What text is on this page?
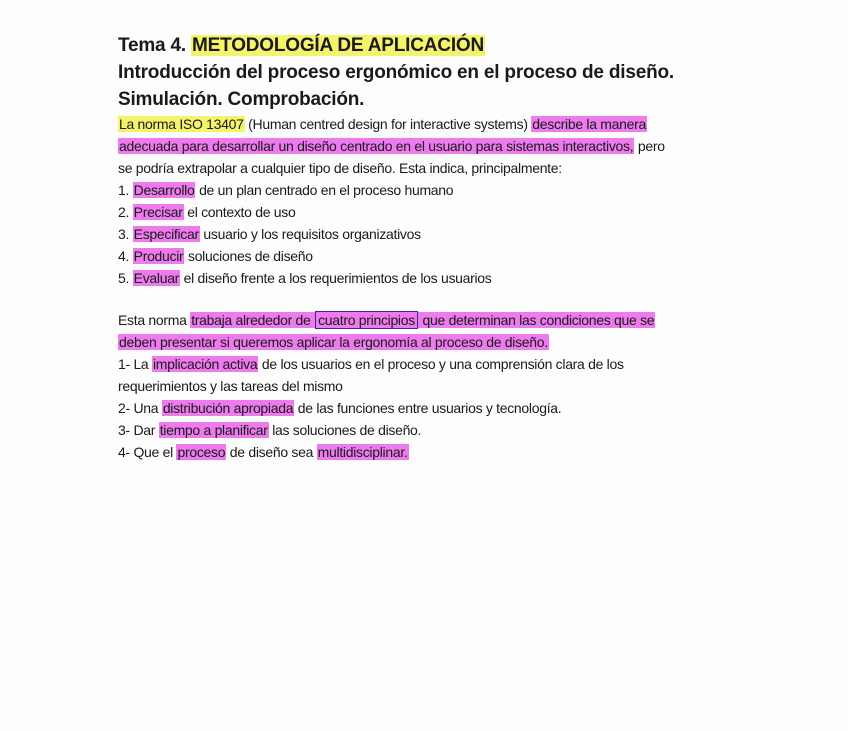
Tema 4. METODOLOGÍA DE APLICACIÓN
Introducción del proceso ergonómico en el proceso de diseño.
Simulación. Comprobación.
La norma ISO 13407 (Human centred design for interactive systems) describe la manera
adecuada para desarrollar un diseño centrado en el usuario para sistemas interactivos, pero
se podría extrapolar a cualquier tipo de diseño. Esta indica, principalmente:
1. Desarrollo de un plan centrado en el proceso humano
2. Precisar el contexto de uso
3. Especificar usuario y los requisitos organizativos
4. Producir soluciones de diseño
5. Evaluar el diseño frente a los requerimientos de los usuarios
Esta norma trabaja alrededor de cuatro principios que determinan las condiciones que se
deben presentar si queremos aplicar la ergonomía al proceso de diseño.
1- La implicación activa de los usuarios en el proceso y una comprensión clara de los
requerimientos y las tareas del mismo
2- Una distribución apropiada de las funciones entre usuarios y tecnología.
3- Dar tiempo a planificar las soluciones de diseño.
4- Que el proceso de diseño sea multidisciplinar.
